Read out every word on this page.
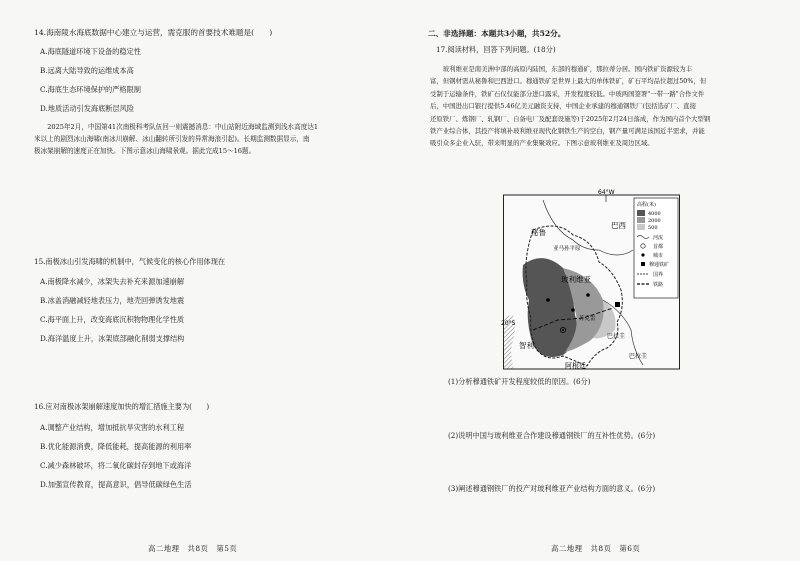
14.海南陵水海底数据中心建立与运营，需克服的首要技术难题是(　　)
A.海底隧道环境下设备的稳定性
B.远离大陆导致的运维成本高
C.海底生态环境保护的严格限制
D.地质活动引发海底断层风险
2025年2月，中国第41次南极科考队伍回一则震撼消息：中山站附近海域监测到浅水高度达1
米以上的剧烈冰山海啸(南冰川崩解、冰山翻转所引发的异常海浪引起)。长期监测数据显示，南
极冰架崩解的速度正在加快。下图示意冰山海啸景观。据此完成15～16题。
15.南极冰山引发海啸的机制中，气候变化的核心作用体现在
A.南极降水减少，冰架失去补充来源加速崩解
B.冰盖消融减轻地表压力，地壳回弹诱发地震
C.海平面上升，改变海底沉积物物理化学性质
D.海洋温度上升，冰架底部融化削弱支撑结构
16.应对南极冰架崩解速度加快的增汇措施主要为(　　)
A.调整产业结构，增加抵抗旱灾害的水利工程
B.优化能源消费，降低能耗，提高能源的利用率
C.减少森林破坏，将二氧化碳封存到地下或海洋
D.加强宣传教育，提高意识，倡导低碳绿色生活
高二地理　共8页　第5页
二、非选择题：本题共3小题，共52分。
17.阅读材料，回答下列问题。(18分)
玻利维亚是南美洲中部的高原内陆国，东部的穆通矿，那拉蒂分居。国内铁矿资源较为丰
富，但钢材需从秘鲁和巴西进口。穆通铁矿是世界上最大的单体铁矿，矿石平均品位超过50%，但
受制于运输条件，铁矿石仅仅能部分进口露采，开发程度较低。中玻两国签署"一带一路"合作文件
后，中国进出口银行提供5.46亿美元融资支持，中国企业承建的穆通钢铁厂(包括选矿厂、直接
还原铁厂、炼钢厂、轧钢厂、自备电厂及配套设施等)于2025年2月24日落成，作为国内首个大型钢
铁产业综合体，其投产将填补玻利维亚现代化钢铁生产的空白，钢产量可满足该国近半需求，并能
吸引众多企业入驻，带来明显的产业集聚效应。下图示意玻利维亚及周边区域。
64°W
20°S
秘鲁
亚马孙平原
玻利维亚
巴西
苏克雷
巴拉圭
智利
阿根廷
巴拉圭
高程(米)
4000
2000
500
河流
首都
城市
穆通铁矿
国界
铁路
(1)分析穆通铁矿开发程度较低的原因。(6分)
(2)说明中国与玻利维亚合作建设穆通钢铁厂的互补性优势。(6分)
(3)阐述穆通钢铁厂的投产对玻利维亚产业结构方面的意义。(6分)
高二地理　共8页　第6页
